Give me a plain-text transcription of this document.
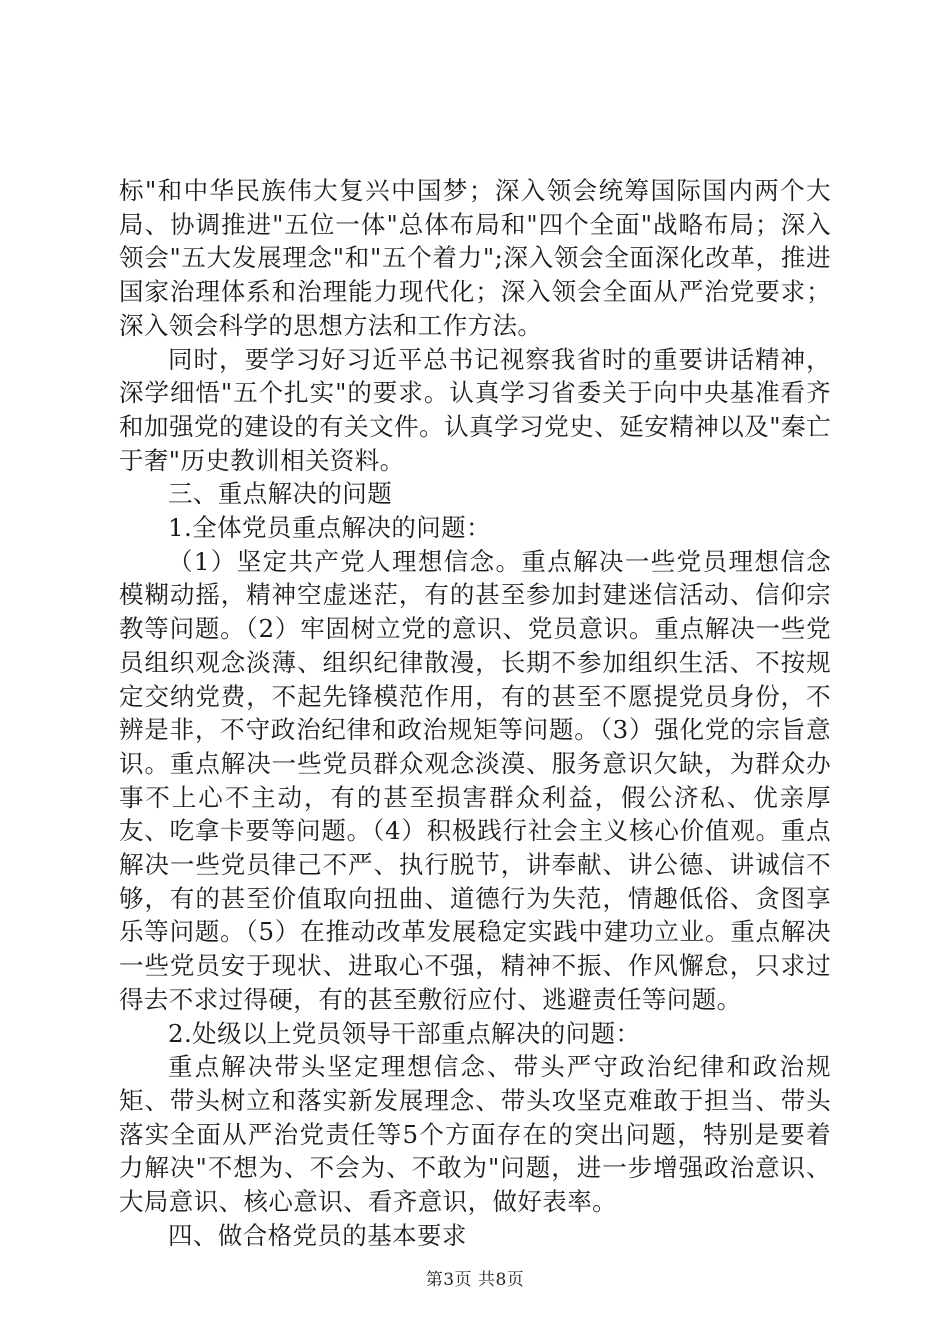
标"和中华民族伟大复兴中国梦；深入领会统筹国际国内两个大局、协调推进"五位一体"总体布局和"四个全面"战略布局；深入领会"五大发展理念"和"五个着力";深入领会全面深化改革，推进国家治理体系和治理能力现代化；深入领会全面从严治党要求；深入领会科学的思想方法和工作方法。

同时，要学习好习近平总书记视察我省时的重要讲话精神，深学细悟"五个扎实"的要求。认真学习省委关于向中央基准看齐和加强党的建设的有关文件。认真学习党史、延安精神以及"秦亡于奢"历史教训相关资料。

三、重点解决的问题

1.全体党员重点解决的问题：

（1）坚定共产党人理想信念。重点解决一些党员理想信念模糊动摇，精神空虚迷茫，有的甚至参加封建迷信活动、信仰宗教等问题。（2）牢固树立党的意识、党员意识。重点解决一些党员组织观念淡薄、组织纪律散漫，长期不参加组织生活、不按规定交纳党费，不起先锋模范作用，有的甚至不愿提党员身份，不辨是非，不守政治纪律和政治规矩等问题。（3）强化党的宗旨意识。重点解决一些党员群众观念淡漠、服务意识欠缺，为群众办事不上心不主动，有的甚至损害群众利益，假公济私、优亲厚友、吃拿卡要等问题。（4）积极践行社会主义核心价值观。重点解决一些党员律己不严、执行脱节，讲奉献、讲公德、讲诚信不够，有的甚至价值取向扭曲、道德行为失范，情趣低俗、贪图享乐等问题。（5）在推动改革发展稳定实践中建功立业。重点解决一些党员安于现状、进取心不强，精神不振、作风懈怠，只求过得去不求过得硬，有的甚至敷衍应付、逃避责任等问题。

2.处级以上党员领导干部重点解决的问题：

重点解决带头坚定理想信念、带头严守政治纪律和政治规矩、带头树立和落实新发展理念、带头攻坚克难敢于担当、带头落实全面从严治党责任等5个方面存在的突出问题，特别是要着力解决"不想为、不会为、不敢为"问题，进一步增强政治意识、大局意识、核心意识、看齐意识，做好表率。

四、做合格党员的基本要求

第3页 共8页
